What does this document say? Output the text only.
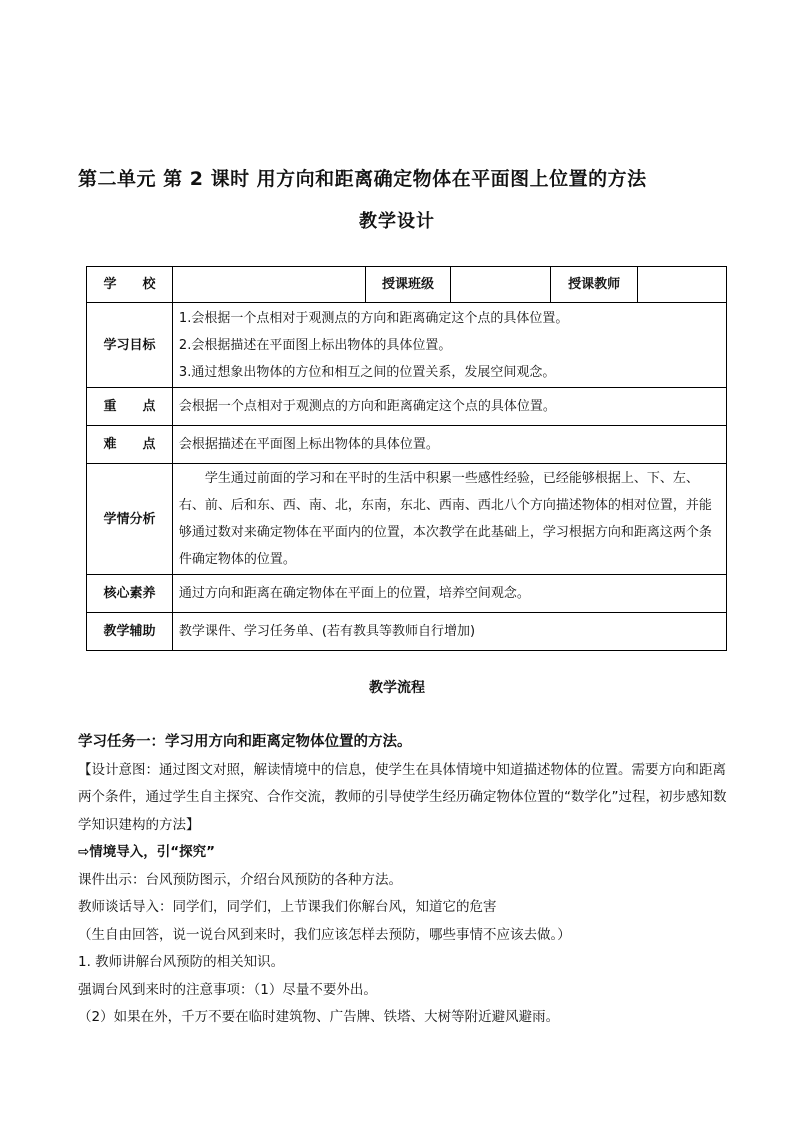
第二单元 第 2 课时 用方向和距离确定物体在平面图上位置的方法
教学设计
学　　校		授课班级		授课教师	
学习目标	1.会根据一个点相对于观测点的方向和距离确定这个点的具体位置。
2.会根据描述在平面图上标出物体的具体位置。
3.通过想象出物体的方位和相互之间的位置关系，发展空间观念。				

重　　点	会根据一个点相对于观测点的方向和距离确定这个点的具体位置。				
难　　点	会根据描述在平面图上标出物体的具体位置。				
学情分析	学生通过前面的学习和在平时的生活中积累一些感性经验，已经能够根据上、下、左、右、前、后和东、西、南、北，东南，东北、西南、西北八个方向描述物体的相对位置，并能够通过数对来确定物体在平面内的位置，本次教学在此基础上，学习根据方向和距离这两个条件确定物体的位置。				
核心素养	通过方向和距离在确定物体在平面上的位置，培养空间观念。				
教学辅助	教学课件、学习任务单、(若有教具等教师自行增加)				
教学流程

学习任务一：学习用方向和距离定物体位置的方法。

【设计意图：通过图文对照，解读情境中的信息，使学生在具体情境中知道描述物体的位置。需要方向和距离两个条件，通过学生自主探究、合作交流，教师的引导使学生经历确定物体位置的“数学化”过程，初步感知数学知识建构的方法】

⇨情境导入，引“探究”

课件出示：台风预防图示，介绍台风预防的各种方法。

教师谈话导入：同学们，同学们，上节课我们你解台风，知道它的危害

（生自由回答，说一说台风到来时，我们应该怎样去预防，哪些事情不应该去做。）

1. 教师讲解台风预防的相关知识。

强调台风到来时的注意事项：（1）尽量不要外出。

（2）如果在外，千万不要在临时建筑物、广告牌、铁塔、大树等附近避风避雨。
